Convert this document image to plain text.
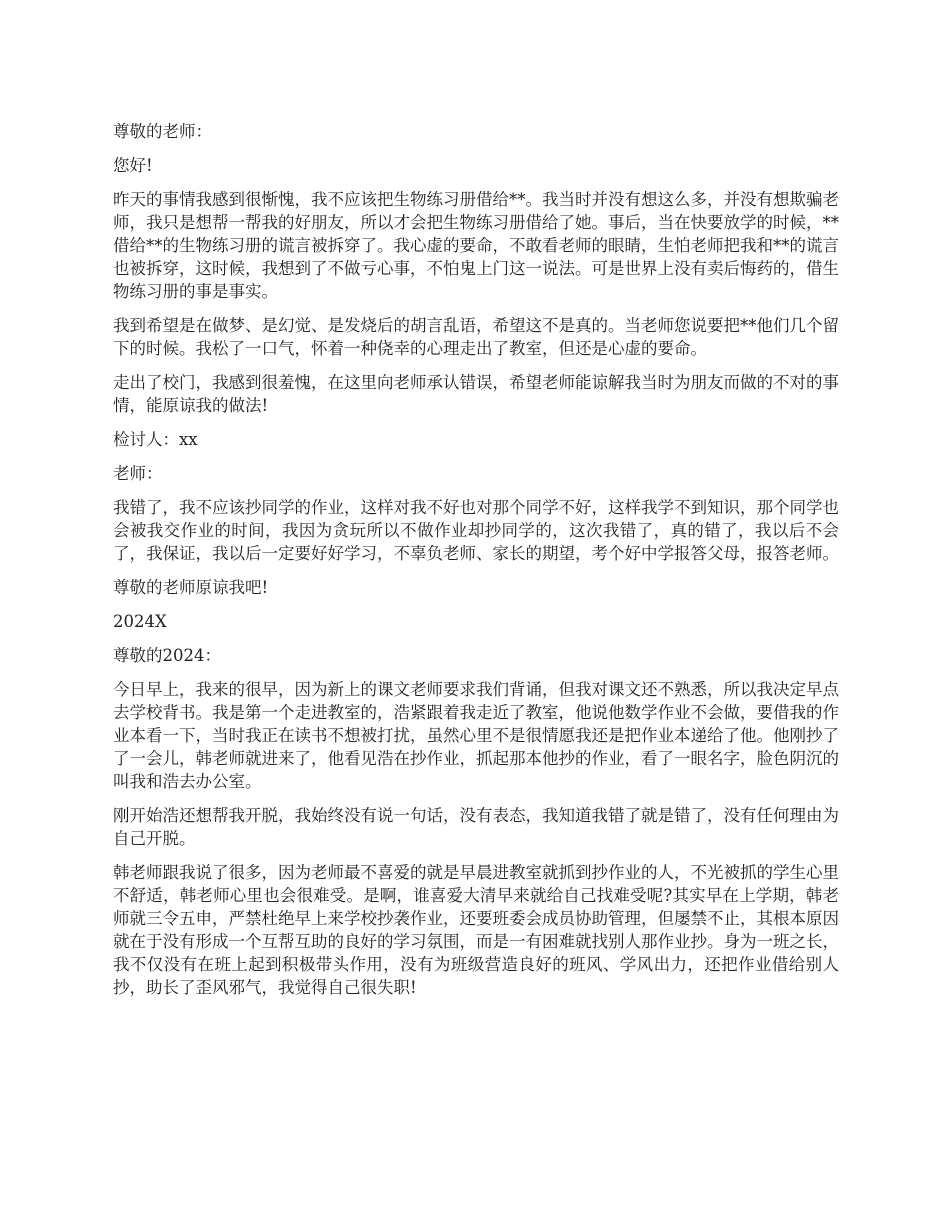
尊敬的老师：

您好!

昨天的事情我感到很惭愧，我不应该把生物练习册借给**。我当时并没有想这么多，并没有想欺骗老师，我只是想帮一帮我的好朋友，所以才会把生物练习册借给了她。事后，当在快要放学的时候，**借给**的生物练习册的谎言被拆穿了。我心虚的要命，不敢看老师的眼睛，生怕老师把我和**的谎言也被拆穿，这时候，我想到了不做亏心事，不怕鬼上门这一说法。可是世界上没有卖后悔药的，借生物练习册的事是事实。

我到希望是在做梦、是幻觉、是发烧后的胡言乱语，希望这不是真的。当老师您说要把**他们几个留下的时候。我松了一口气，怀着一种侥幸的心理走出了教室，但还是心虚的要命。

走出了校门，我感到很羞愧，在这里向老师承认错误，希望老师能谅解我当时为朋友而做的不对的事情，能原谅我的做法!

检讨人：xx

老师：

我错了，我不应该抄同学的作业，这样对我不好也对那个同学不好，这样我学不到知识，那个同学也会被我交作业的时间，我因为贪玩所以不做作业却抄同学的，这次我错了，真的错了，我以后不会了，我保证，我以后一定要好好学习，不辜负老师、家长的期望，考个好中学报答父母，报答老师。

尊敬的老师原谅我吧!

2024X

尊敬的2024：

今日早上，我来的很早，因为新上的课文老师要求我们背诵，但我对课文还不熟悉，所以我决定早点去学校背书。我是第一个走进教室的，浩紧跟着我走近了教室，他说他数学作业不会做，要借我的作业本看一下，当时我正在读书不想被打扰，虽然心里不是很情愿我还是把作业本递给了他。他刚抄了了一会儿，韩老师就进来了，他看见浩在抄作业，抓起那本他抄的作业，看了一眼名字，脸色阴沉的叫我和浩去办公室。

刚开始浩还想帮我开脱，我始终没有说一句话，没有表态，我知道我错了就是错了，没有任何理由为自己开脱。

韩老师跟我说了很多，因为老师最不喜爱的就是早晨进教室就抓到抄作业的人，不光被抓的学生心里不舒适，韩老师心里也会很难受。是啊，谁喜爱大清早来就给自己找难受呢?其实早在上学期，韩老师就三令五申，严禁杜绝早上来学校抄袭作业，还要班委会成员协助管理，但屡禁不止，其根本原因就在于没有形成一个互帮互助的良好的学习氛围，而是一有困难就找别人那作业抄。身为一班之长，我不仅没有在班上起到积极带头作用，没有为班级营造良好的班风、学风出力，还把作业借给别人抄，助长了歪风邪气，我觉得自己很失职!
